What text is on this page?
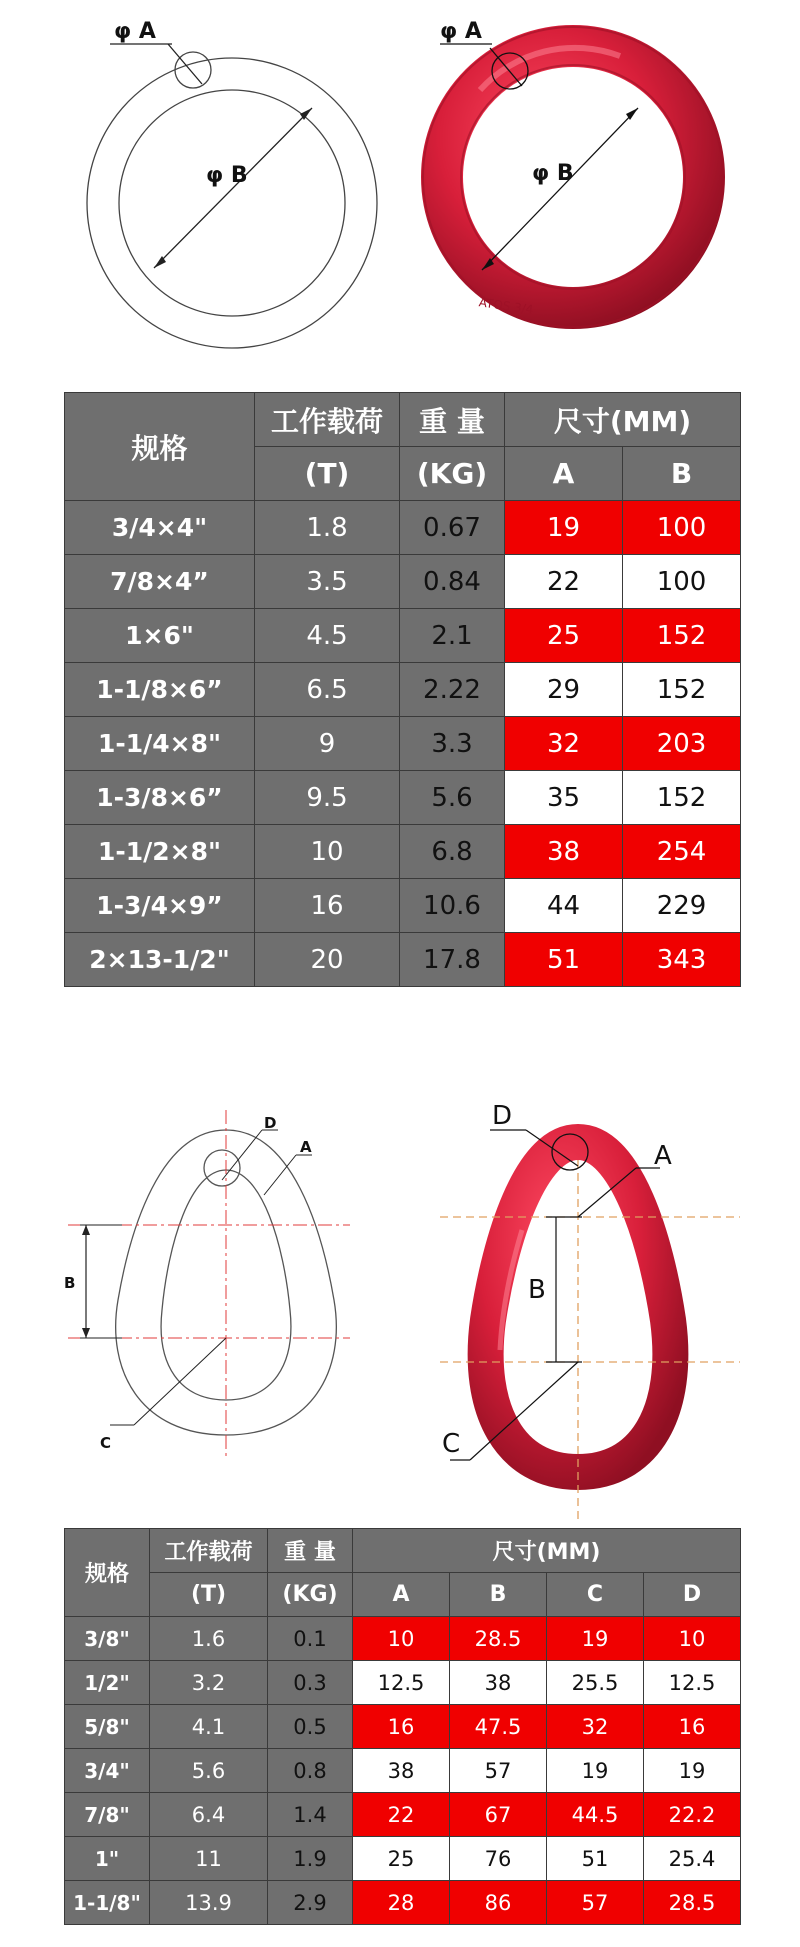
φ A
φ B
φ A
φ B
ATOS 3/4
规格	工作载荷	重 量	尺寸(MM)	
	(T)	(KG)	A	B
3/4×4"	1.8	0.67	19	100
7/8×4”	3.5	0.84	22	100
1×6"	4.5	2.1	25	152
1-1/8×6”	6.5	2.22	29	152
1-1/4×8"	9	3.3	32	203
1-3/8×6”	9.5	5.6	35	152
1-1/2×8"	10	6.8	38	254
1-3/4×9”	16	10.6	44	229
2×13-1/2"	20	17.8	51	343
D
A
B
C
D
A
B
C
规格	工作载荷	重 量	尺寸(MM)			
	(T)	(KG)	A	B	C	D
3/8"	1.6	0.1	10	28.5	19	10
1/2"	3.2	0.3	12.5	38	25.5	12.5
5/8"	4.1	0.5	16	47.5	32	16
3/4"	5.6	0.8	38	57	19	19
7/8"	6.4	1.4	22	67	44.5	22.2
1"	11	1.9	25	76	51	25.4
1-1/8"	13.9	2.9	28	86	57	28.5
